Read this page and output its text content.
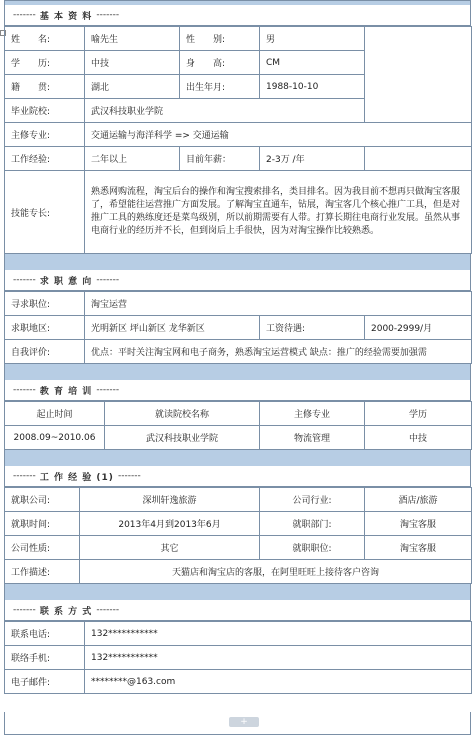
-------
基 本 资 料
-------
姓　　名:	喻先生	性　　别:	男	
学　　历:	中技	身　　高:	CM	
籍　　贯:	湖北	出生年月:	1988-10-10	
毕业院校:	武汉科技职业学院			
主修专业:	交通运输与海洋科学 => 交通运输			
工作经验:	二年以上	目前年薪：	2-3万 /年	
技能专长:	熟悉网购流程，淘宝后台的操作和淘宝搜索排名，类目排名。因为我目前不想再只做淘宝客服了，希望能往运营推广方面发展。了解淘宝直通车，钻展，淘宝客几个核心推广工具，但是对推广工具的熟练度还是菜鸟级别，所以前期需要有人带。打算长期往电商行业发展。虽然从事电商行业的经历并不长，但到岗后上手很快，因为对淘宝操作比较熟悉。			
-------
求 职 意 向
-------
寻求职位:	淘宝运营		
求职地区:	光明新区 坪山新区 龙华新区	工资待遇:	2000-2999/月
自我评价:	优点：平时关注淘宝网和电子商务，熟悉淘宝运营模式 缺点：推广的经验需要加强需		
-------
教 育 培 训
-------
起止时间	就读院校名称	主修专业	学历
2008.09~2010.06	武汉科技职业学院	物流管理	中技
-------
工 作 经 验 (1)
-------
就职公司:	深圳轩逸旅游	公司行业:	酒店/旅游
就职时间:	2013年4月到2013年6月	就职部门:	淘宝客服
公司性质:	其它	就职职位:	淘宝客服
工作描述:	天猫店和淘宝店的客服，在阿里旺旺上接待客户咨询		
-------
联 系 方 式
-------
联系电话:	132***********
联络手机:	132***********
电子邮件:	********@163.com
+
